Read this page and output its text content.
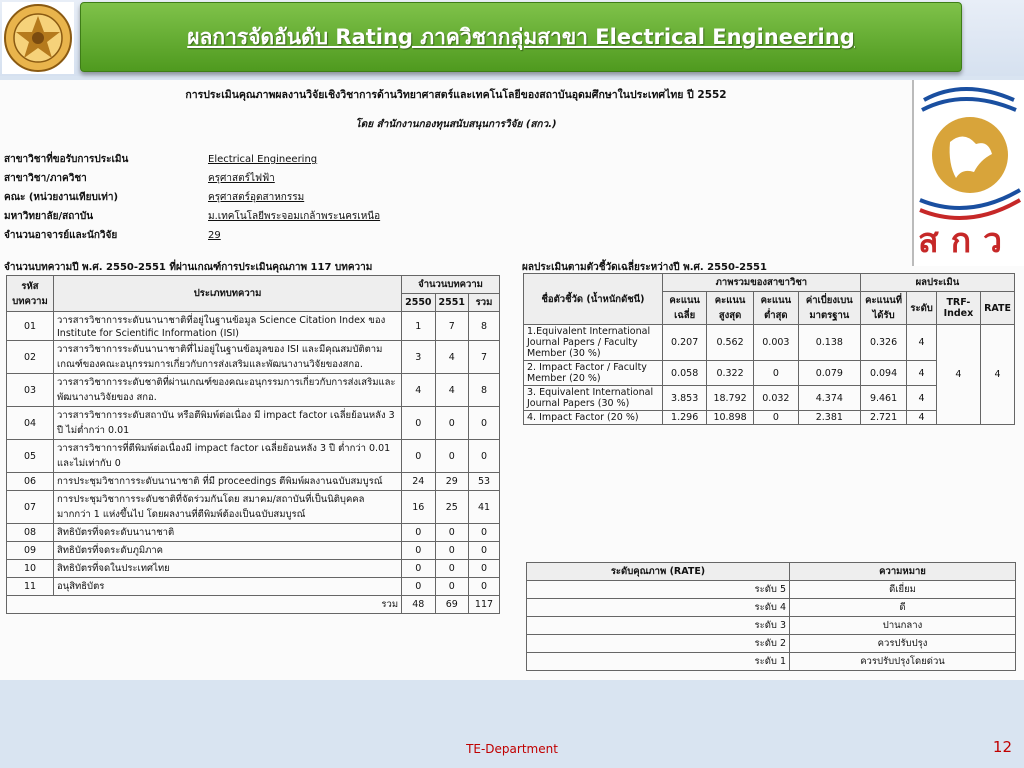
ผลการจัดอันดับ Rating ภาควิชากลุ่มสาขา Electrical Engineering
การประเมินคุณภาพผลงานวิจัยเชิงวิชาการด้านวิทยาศาสตร์และเทคโนโลยีของสถาบันอุดมศึกษาในประเทศไทย ปี 2552
โดย สำนักงานกองทุนสนับสนุนการวิจัย (สกว.)
สาขาวิชาที่ขอรับการประเมิน	Electrical Engineering
สาขาวิชา/ภาควิชา	ครุศาสตร์ไฟฟ้า
คณะ (หน่วยงานเทียบเท่า)	ครุศาสตร์อุตสาหกรรม
มหาวิทยาลัย/สถาบัน	ม.เทคโนโลยีพระจอมเกล้าพระนครเหนือ
จำนวนอาจารย์และนักวิจัย	29
จำนวนบทความปี พ.ศ. 2550-2551 ที่ผ่านเกณฑ์การประเมินคุณภาพ 117 บทความ
รหัสบทความ	ประเภทบทความ	จำนวนบทความ		
		2550	2551	รวม
01	วารสารวิชาการระดับนานาชาติที่อยู่ในฐานข้อมูล Science Citation Index ของ Institute for Scientific Information (ISI)	1	7	8
02	วารสารวิชาการระดับนานาชาติที่ไม่อยู่ในฐานข้อมูลของ ISI และมีคุณสมบัติตามเกณฑ์ของคณะอนุกรรมการเกี่ยวกับการส่งเสริมและพัฒนางานวิจัยของสกอ.	3	4	7
03	วารสารวิชาการระดับชาติที่ผ่านเกณฑ์ของคณะอนุกรรมการเกี่ยวกับการส่งเสริมและพัฒนางานวิจัยของ สกอ.	4	4	8
04	วารสารวิชาการระดับสถาบัน หรือตีพิมพ์ต่อเนื่อง มี impact factor เฉลี่ยย้อนหลัง 3 ปี ไม่ต่ำกว่า 0.01	0	0	0
05	วารสารวิชาการที่ตีพิมพ์ต่อเนื่องมี impact factor เฉลี่ยย้อนหลัง 3 ปี ต่ำกว่า 0.01 และไม่เท่ากับ 0	0	0	0
06	การประชุมวิชาการระดับนานาชาติ ที่มี proceedings ตีพิมพ์ผลงานฉบับสมบูรณ์	24	29	53
07	การประชุมวิชาการระดับชาติที่จัดร่วมกันโดย สมาคม/สถาบันที่เป็นนิติบุคคลมากกว่า 1 แห่งขึ้นไป โดยผลงานที่ตีพิมพ์ต้องเป็นฉบับสมบูรณ์	16	25	41
08	สิทธิบัตรที่จดระดับนานาชาติ	0	0	0
09	สิทธิบัตรที่จดระดับภูมิภาค	0	0	0
10	สิทธิบัตรที่จดในประเทศไทย	0	0	0
11	อนุสิทธิบัตร	0	0	0
รวม		48	69	117
ผลประเมินตามตัวชี้วัดเฉลี่ยระหว่างปี พ.ศ. 2550-2551
ชื่อตัวชี้วัด (น้ำหนักดัชนี)	ภาพรวมของสาขาวิชา				ผลประเมิน			
	คะแนนเฉลี่ย	คะแนนสูงสุด	คะแนนต่ำสุด	ค่าเบี่ยงเบนมาตรฐาน	คะแนนที่ได้รับ	ระดับ	TRF-Index	RATE
1.Equivalent International Journal Papers / Faculty Member (30 %)	0.207	0.562	0.003	0.138	0.326	4	4	4
2. Impact Factor / Faculty Member (20 %)	0.058	0.322	0	0.079	0.094	4		
3. Equivalent International Journal Papers (30 %)	3.853	18.792	0.032	4.374	9.461	4		
4. Impact Factor (20 %)	1.296	10.898	0	2.381	2.721	4		
ระดับคุณภาพ (RATE)	ความหมาย
ระดับ 5	ดีเยี่ยม
ระดับ 4	ดี
ระดับ 3	ปานกลาง
ระดับ 2	ควรปรับปรุง
ระดับ 1	ควรปรับปรุงโดยด่วน
ส ก ว
TE-Department	12
